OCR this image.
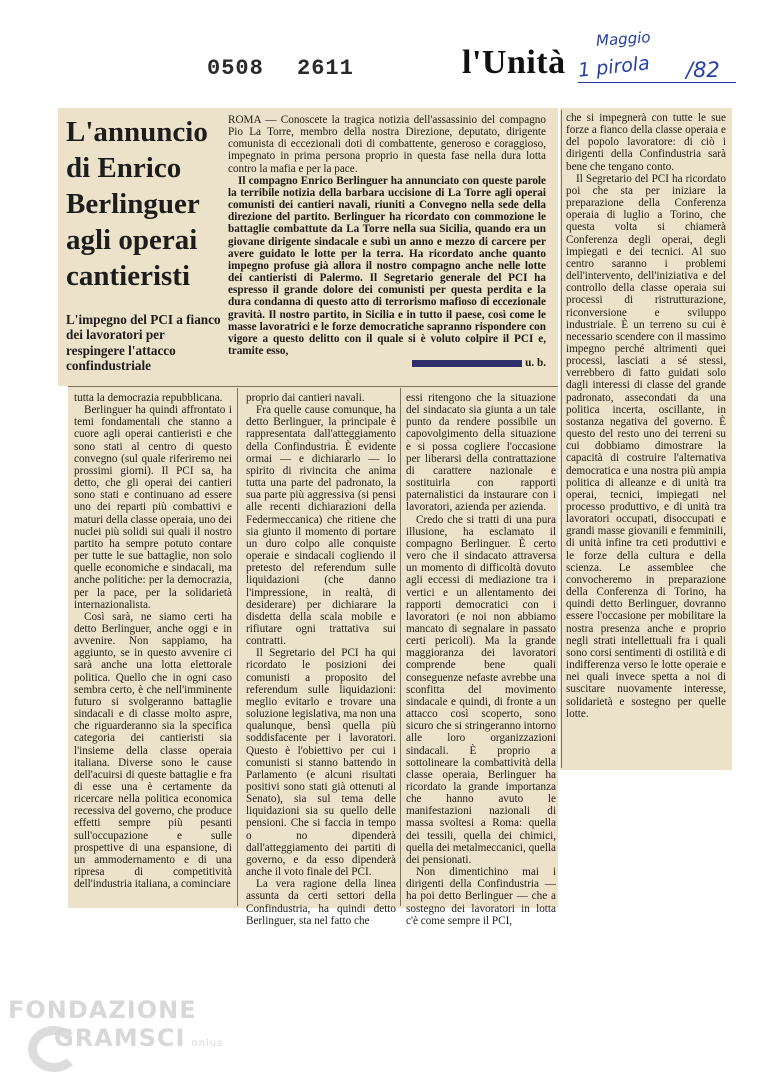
0508 2611	l'Unità
Maggio
1 pirola /82
L'annuncio di Enrico Berlinguer agli operai cantieristi
L'impegno del PCI a fianco dei lavoratori per respingere l'attacco confindustriale

ROMA — Conoscete la tragica notizia dell'assassinio del compagno Pio La Torre, membro della nostra Direzione, deputato, dirigente comunista di eccezionali doti di combattente, generoso e coraggioso, impegnato in prima persona proprio in questa fase nella dura lotta contro la mafia e per la pace.

Il compagno Enrico Berlinguer ha annunciato con queste parole la terribile notizia della barbara uccisione di La Torre agli operai comunisti dei cantieri navali, riuniti a Convegno nella sede della direzione del partito. Berlinguer ha ricordato con commozione le battaglie combattute da La Torre nella sua Sicilia, quando era un giovane dirigente sindacale e subì un anno e mezzo di carcere per avere guidato le lotte per la terra. Ha ricordato anche quanto impegno profuse già allora il nostro compagno anche nelle lotte dei cantieristi di Palermo. Il Segretario generale del PCI ha espresso il grande dolore dei comunisti per questa perdita e la dura condanna di questo atto di terrorismo mafioso di eccezionale gravità. Il nostro partito, in Sicilia e in tutto il paese, così come le masse lavoratrici e le forze democratiche sapranno rispondere con vigore a questo delitto con il quale si è voluto colpire il PCI e, tramite esso,

u. b.

che si impegnerà con tutte le sue forze a fianco della classe operaia e del popolo lavoratore: di ciò i dirigenti della Confindustria sarà bene che tengano conto.

Il Segretario del PCI ha ricordato poi che sta per iniziare la preparazione della Conferenza operaia di luglio a Torino, che questa volta si chiamerà Conferenza degli operai, degli impiegati e dei tecnici. Al suo centro saranno i problemi dell'intervento, dell'iniziativa e del controllo della classe operaia sui processi di ristrutturazione, riconversione e sviluppo industriale. È un terreno su cui è necessario scendere con il massimo impegno perché altrimenti quei processi, lasciati a sé stessi, verrebbero di fatto guidati solo dagli interessi di classe del grande padronato, assecondati da una politica incerta, oscillante, in sostanza negativa del governo. È questo del resto uno dei terreni su cui dobbiamo dimostrare la capacità di costruire l'alternativa democratica e una nostra più ampia politica di alleanze e di unità tra operai, tecnici, impiegati nel processo produttivo, e di unità tra lavoratori occupati, disoccupati e grandi masse giovanili e femminili, di unità infine tra ceti produttivi e le forze della cultura e della scienza. Le assemblee che convocheremo in preparazione della Conferenza di Torino, ha quindi detto Berlinguer, dovranno essere l'occasione per mobilitare la nostra presenza anche e proprio negli strati intellettuali fra i quali sono corsi sentimenti di ostilità e di indifferenza verso le lotte operaie e nei quali invece spetta a noi di suscitare nuovamente interesse, solidarietà e sostegno per quelle lotte.

tutta la democrazia repubblicana.

Berlinguer ha quindi affrontato i temi fondamentali che stanno a cuore agli operai cantieristi e che sono stati al centro di questo convegno (sul quale riferiremo nei prossimi giorni). Il PCI sa, ha detto, che gli operai dei cantieri sono stati e continuano ad essere uno dei reparti più combattivi e maturi della classe operaia, uno dei nuclei più solidi sui quali il nostro partito ha sempre potuto contare per tutte le sue battaglie, non solo quelle economiche e sindacali, ma anche politiche: per la democrazia, per la pace, per la solidarietà internazionalista.

Così sarà, ne siamo certi ha detto Berlinguer, anche oggi e in avvenire. Non sappiamo, ha aggiunto, se in questo avvenire ci sarà anche una lotta elettorale politica. Quello che in ogni caso sembra certo, è che nell'imminente futuro si svolgeranno battaglie sindacali e di classe molto aspre, che riguarderanno sia la specifica categoria dei cantieristi sia l'insieme della classe operaia italiana. Diverse sono le cause dell'acuirsi di queste battaglie e fra di esse una è certamente da ricercare nella politica economica recessiva del governo, che produce effetti sempre più pesanti sull'occupazione e sulle prospettive di una espansione, di un ammodernamento e di una ripresa di competitività dell'industria italiana, a cominciare

proprio dai cantieri navali.

Fra quelle cause comunque, ha detto Berlinguer, la principale è rappresentata dall'atteggiamento della Confindustria. È evidente ormai — e dichiararlo — lo spirito di rivincita che anima tutta una parte del padronato, la sua parte più aggressiva (si pensi alle recenti dichiarazioni della Federmeccanica) che ritiene che sia giunto il momento di portare un duro colpo alle conquiste operaie e sindacali cogliendo il pretesto del referendum sulle liquidazioni (che danno l'impressione, in realtà, di desiderare) per dichiarare la disdetta della scala mobile e rifiutare ogni trattativa sui contratti.

Il Segretario del PCI ha qui ricordato le posizioni dei comunisti a proposito del referendum sulle liquidazioni: meglio evitarlo e trovare una soluzione legislativa, ma non una qualunque, bensì quella più soddisfacente per i lavoratori. Questo è l'obiettivo per cui i comunisti si stanno battendo in Parlamento (e alcuni risultati positivi sono stati già ottenuti al Senato), sia sul tema delle liquidazioni sia su quello delle pensioni. Che si faccia in tempo o no dipenderà dall'atteggiamento dei partiti di governo, e da esso dipenderà anche il voto finale del PCI.

La vera ragione della linea assunta da certi settori della Confindustria, ha quindi detto Berlinguer, sta nel fatto che

essi ritengono che la situazione del sindacato sia giunta a un tale punto da rendere possibile un capovolgimento della situazione e si possa cogliere l'occasione per liberarsi della contrattazione di carattere nazionale e sostituirla con rapporti paternalistici da instaurare con i lavoratori, azienda per azienda.

Credo che si tratti di una pura illusione, ha esclamato il compagno Berlinguer. È certo vero che il sindacato attraversa un momento di difficoltà dovuto agli eccessi di mediazione tra i vertici e un allentamento dei rapporti democratici con i lavoratori (e noi non abbiamo mancato di segnalare in passato certi pericoli). Ma la grande maggioranza dei lavoratori comprende bene quali conseguenze nefaste avrebbe una sconfitta del movimento sindacale e quindi, di fronte a un attacco così scoperto, sono sicuro che si stringeranno intorno alle loro organizzazioni sindacali. È proprio a sottolineare la combattività della classe operaia, Berlinguer ha ricordato la grande importanza che hanno avuto le manifestazioni nazionali di massa svoltesi a Roma: quella dei tessili, quella dei chimici, quella dei metalmeccanici, quella dei pensionati.

Non dimentichino mai i dirigenti della Confindustria — ha poi detto Berlinguer — che a sostegno dei lavoratori in lotta c'è come sempre il PCI,

FONDAZIONE
GRAMSCI onlus
